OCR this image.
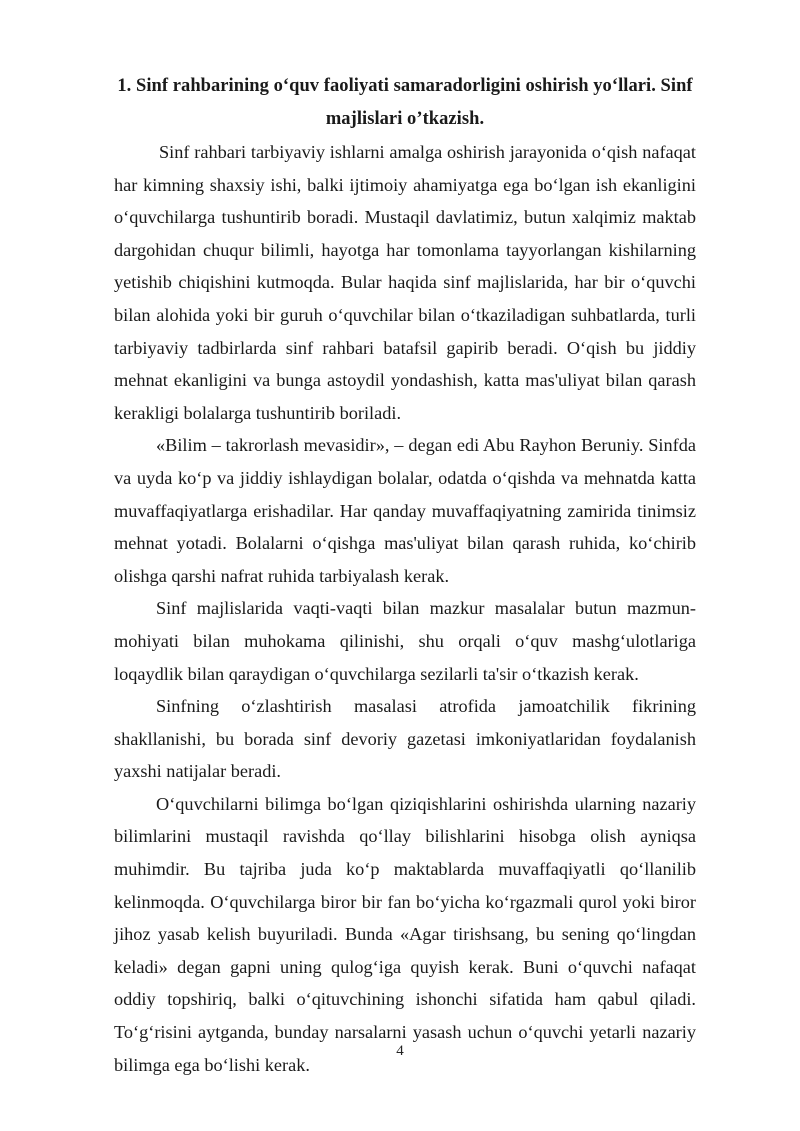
1. Sinf rahbarining o‘quv faoliyati samaradorligini oshirish yo‘llari. Sinf majlislari o’tkazish.

Sinf rahbari tarbiyaviy ishlarni amalga oshirish jarayonida o‘qish nafaqat har kimning shaxsiy ishi, balki ijtimoiy ahamiyatga ega bo‘lgan ish ekanligini o‘quvchilarga tushuntirib boradi. Mustaqil davlatimiz, butun xalqimiz maktab dargohidan chuqur bilimli, hayotga har tomonlama tayyorlangan kishilarning yetishib chiqishini kutmoqda. Bular haqida sinf majlislarida, har bir o‘quvchi bilan alohida yoki bir guruh o‘quvchilar bilan o‘tkaziladigan suhbatlarda, turli tarbiyaviy tadbirlarda sinf rahbari batafsil gapirib beradi. O‘qish bu jiddiy mehnat ekanligini va bunga astoydil yondashish, katta mas'uliyat bilan qarash kerakligi bolalarga tushuntirib boriladi.

«Bilim – takrorlash mevasidir», – degan edi Abu Rayhon Beruniy. Sinfda va uyda ko‘p va jiddiy ishlaydigan bolalar, odatda o‘qishda va mehnatda katta muvaffaqiyatlarga erishadilar. Har qanday muvaffaqiyatning zamirida tinimsiz mehnat yotadi. Bolalarni o‘qishga mas'uliyat bilan qarash ruhida, ko‘chirib olishga qarshi nafrat ruhida tarbiyalash kerak.

Sinf majlislarida vaqti-vaqti bilan mazkur masalalar butun mazmun-mohiyati bilan muhokama qilinishi, shu orqali o‘quv mashg‘ulotlariga loqaydlik bilan qaraydigan o‘quvchilarga sezilarli ta'sir o‘tkazish kerak.

Sinfning o‘zlashtirish masalasi atrofida jamoatchilik fikrining shakllanishi, bu borada sinf devoriy gazetasi imkoniyatlaridan foydalanish yaxshi natijalar beradi.

O‘quvchilarni bilimga bo‘lgan qiziqishlarini oshirishda ularning nazariy bilimlarini mustaqil ravishda qo‘llay bilishlarini hisobga olish ayniqsa muhimdir. Bu tajriba juda ko‘p maktablarda muvaffaqiyatli qo‘llanilib kelinmoqda. O‘quvchilarga biror bir fan bo‘yicha ko‘rgazmali qurol yoki biror jihoz yasab kelish buyuriladi. Bunda «Agar tirishsang, bu sening qo‘lingdan keladi» degan gapni uning qulog‘iga quyish kerak. Buni o‘quvchi nafaqat oddiy topshiriq, balki o‘qituvchining ishonchi sifatida ham qabul qiladi. To‘g‘risini aytganda, bunday narsalarni yasash uchun o‘quvchi yetarli nazariy bilimga ega bo‘lishi kerak.

4
